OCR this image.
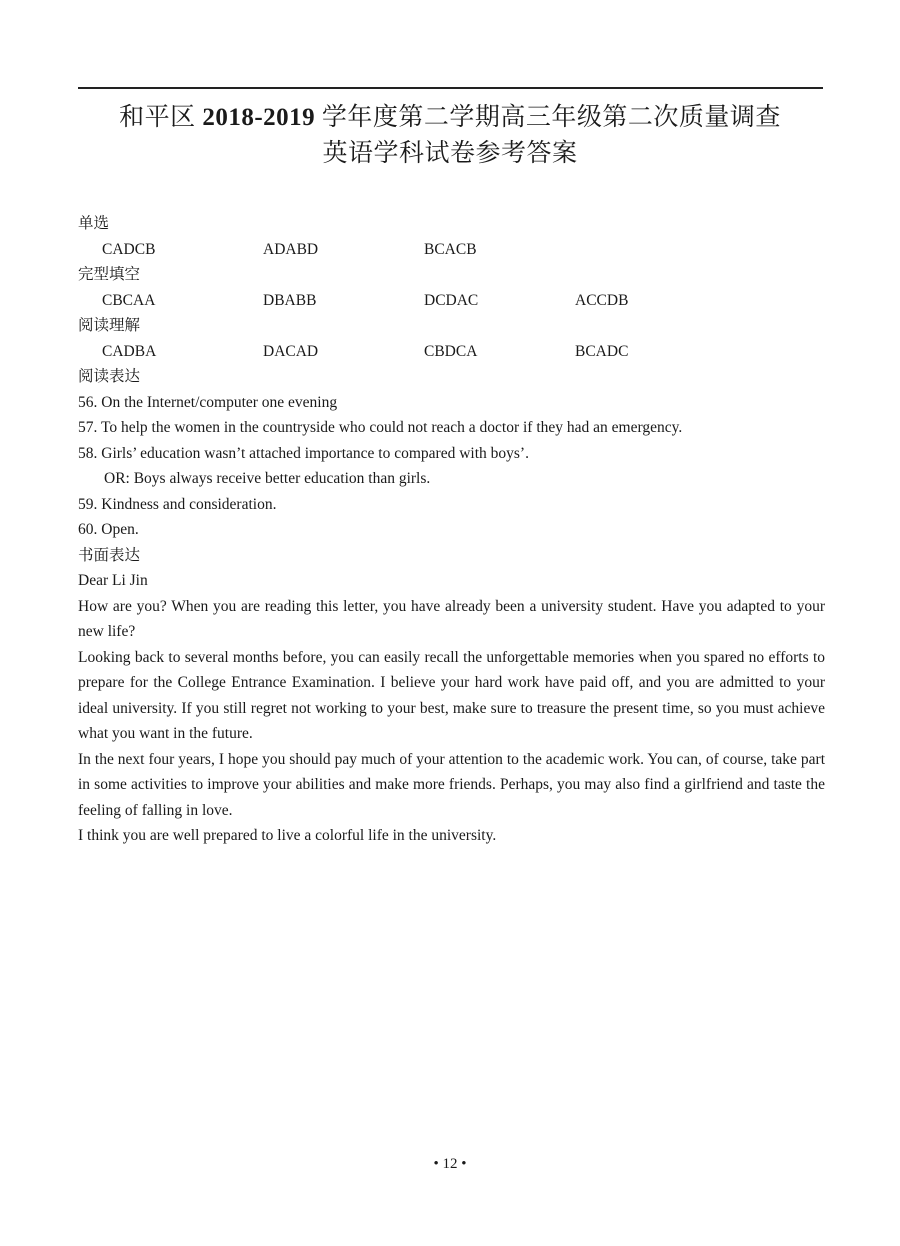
和平区 2018-2019 学年度第二学期高三年级第二次质量调查
英语学科试卷参考答案
单选
CADCB	ADABD	BCACB
完型填空
CBCAA	DBABB	DCDAC	ACCDB
阅读理解
CADBA	DACAD	CBDCA	BCADC
阅读表达
56. On the Internet/computer one evening
57. To help the women in the countryside who could not reach a doctor if they had an emergency.
58. Girls’ education wasn’t attached importance to compared with boys’.
OR: Boys always receive better education than girls.
59. Kindness and consideration.
60. Open.
书面表达

Dear Li Jin

How are you? When you are reading this letter, you have already been a university student. Have you adapted to your new life?

Looking back to several months before, you can easily recall the unforgettable memories when you spared no efforts to prepare for the College Entrance Examination. I believe your hard work have paid off, and you are admitted to your ideal university. If you still regret not working to your best, make sure to treasure the present time, so you must achieve what you want in the future.

In the next four years, I hope you should pay much of your attention to the academic work. You can, of course, take part in some activities to improve your abilities and make more friends. Perhaps, you may also find a girlfriend and taste the feeling of falling in love.

I think you are well prepared to live a colorful life in the university.

• 12 •
